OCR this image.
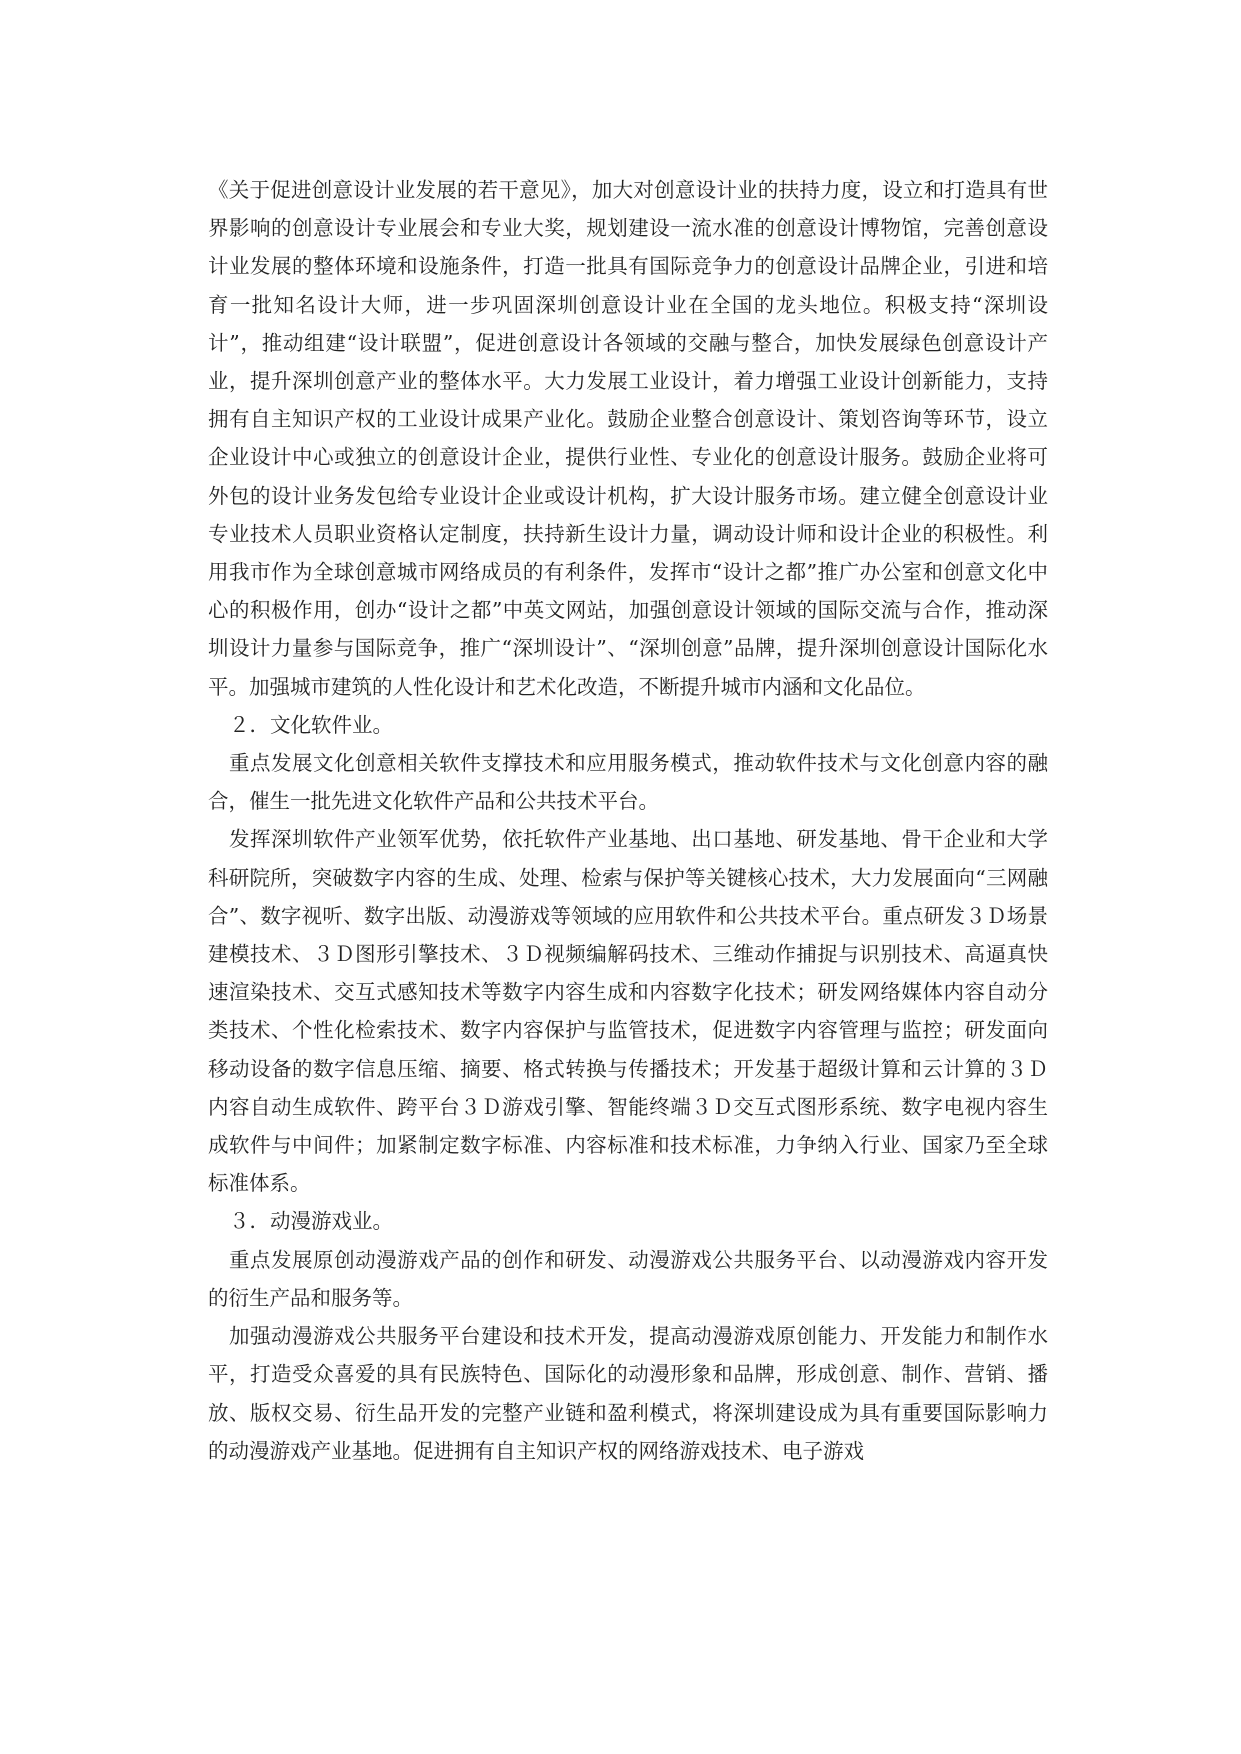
《关于促进创意设计业发展的若干意见》，加大对创意设计业的扶持力度，设立和打造具有世界影响的创意设计专业展会和专业大奖，规划建设一流水准的创意设计博物馆，完善创意设计业发展的整体环境和设施条件，打造一批具有国际竞争力的创意设计品牌企业，引进和培育一批知名设计大师，进一步巩固深圳创意设计业在全国的龙头地位。积极支持“深圳设计”，推动组建“设计联盟”，促进创意设计各领域的交融与整合，加快发展绿色创意设计产业，提升深圳创意产业的整体水平。大力发展工业设计，着力增强工业设计创新能力，支持拥有自主知识产权的工业设计成果产业化。鼓励企业整合创意设计、策划咨询等环节，设立企业设计中心或独立的创意设计企业，提供行业性、专业化的创意设计服务。鼓励企业将可外包的设计业务发包给专业设计企业或设计机构，扩大设计服务市场。建立健全创意设计业专业技术人员职业资格认定制度，扶持新生设计力量，调动设计师和设计企业的积极性。利用我市作为全球创意城市网络成员的有利条件，发挥市“设计之都”推广办公室和创意文化中心的积极作用，创办“设计之都”中英文网站，加强创意设计领域的国际交流与合作，推动深圳设计力量参与国际竞争，推广“深圳设计”、“深圳创意”品牌，提升深圳创意设计国际化水平。加强城市建筑的人性化设计和艺术化改造，不断提升城市内涵和文化品位。

２．文化软件业。

重点发展文化创意相关软件支撑技术和应用服务模式，推动软件技术与文化创意内容的融合，催生一批先进文化软件产品和公共技术平台。

发挥深圳软件产业领军优势，依托软件产业基地、出口基地、研发基地、骨干企业和大学科研院所，突破数字内容的生成、处理、检索与保护等关键核心技术，大力发展面向“三网融合”、数字视听、数字出版、动漫游戏等领域的应用软件和公共技术平台。重点研发３Ｄ场景建模技术、３Ｄ图形引擎技术、３Ｄ视频编解码技术、三维动作捕捉与识别技术、高逼真快速渲染技术、交互式感知技术等数字内容生成和内容数字化技术；研发网络媒体内容自动分类技术、个性化检索技术、数字内容保护与监管技术，促进数字内容管理与监控；研发面向移动设备的数字信息压缩、摘要、格式转换与传播技术；开发基于超级计算和云计算的３Ｄ内容自动生成软件、跨平台３Ｄ游戏引擎、智能终端３Ｄ交互式图形系统、数字电视内容生成软件与中间件；加紧制定数字标准、内容标准和技术标准，力争纳入行业、国家乃至全球标准体系。

３．动漫游戏业。

重点发展原创动漫游戏产品的创作和研发、动漫游戏公共服务平台、以动漫游戏内容开发的衍生产品和服务等。

加强动漫游戏公共服务平台建设和技术开发，提高动漫游戏原创能力、开发能力和制作水平，打造受众喜爱的具有民族特色、国际化的动漫形象和品牌，形成创意、制作、营销、播放、版权交易、衍生品开发的完整产业链和盈利模式，将深圳建设成为具有重要国际影响力的动漫游戏产业基地。促进拥有自主知识产权的网络游戏技术、电子游戏
